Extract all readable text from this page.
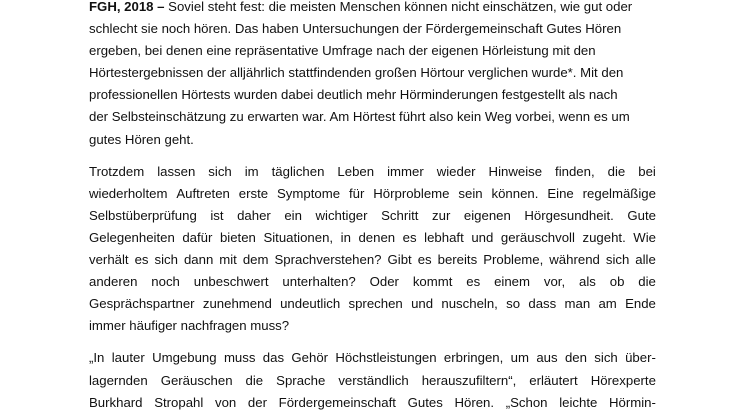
FGH, 2018 – Soviel steht fest: die meisten Menschen können nicht einschätzen, wie gut oder
schlecht sie noch hören. Das haben Untersuchungen der Fördergemeinschaft Gutes Hören
ergeben, bei denen eine repräsentative Umfrage nach der eigenen Hörleistung mit den
Hörtestergebnissen der alljährlich stattfindenden großen Hörtour verglichen wurde*. Mit den
professionellen Hörtests wurden dabei deutlich mehr Hörminderungen festgestellt als nach
der Selbsteinschätzung zu erwarten war. Am Hörtest führt also kein Weg vorbei, wenn es um
gutes Hören geht.
Trotzdem lassen sich im täglichen Leben immer wieder Hinweise finden, die bei
wiederholtem Auftreten erste Symptome für Hörprobleme sein können. Eine regelmäßige
Selbstüberprüfung ist daher ein wichtiger Schritt zur eigenen Hörgesundheit. Gute
Gelegenheiten dafür bieten Situationen, in denen es lebhaft und geräuschvoll zugeht. Wie
verhält es sich dann mit dem Sprachverstehen? Gibt es bereits Probleme, während sich alle
anderen noch unbeschwert unterhalten? Oder kommt es einem vor, als ob die
Gesprächspartner zunehmend undeutlich sprechen und nuscheln, so dass man am Ende
immer häufiger nachfragen muss?
„In lauter Umgebung muss das Gehör Höchstleistungen erbringen, um aus den sich über-
lagernden Geräuschen die Sprache verständlich herauszufiltern“, erläutert Hörexperte
Burkhard Stropahl von der Fördergemeinschaft Gutes Hören. „Schon leichte Hörmin-
